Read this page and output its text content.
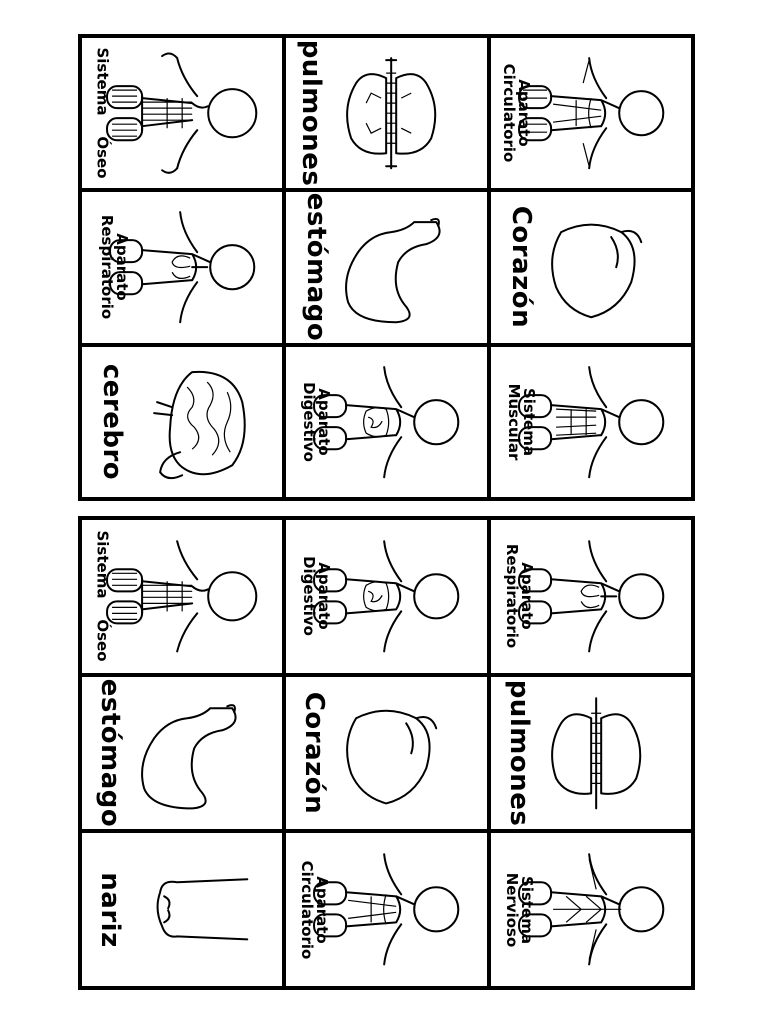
Sistema    Óseo	pulmones	Aparato
Circulatorio
Aparato
Respiratorio	estómago	Corazón
cerebro	Aparato
Digestivo	Sistema
Muscular
Sistema    Óseo
Aparato
Digestivo	Aparato
Respiratorio
estómago	Corazón	pulmones
nariz	Aparato
Circulatorio	Sistema
Nervioso
